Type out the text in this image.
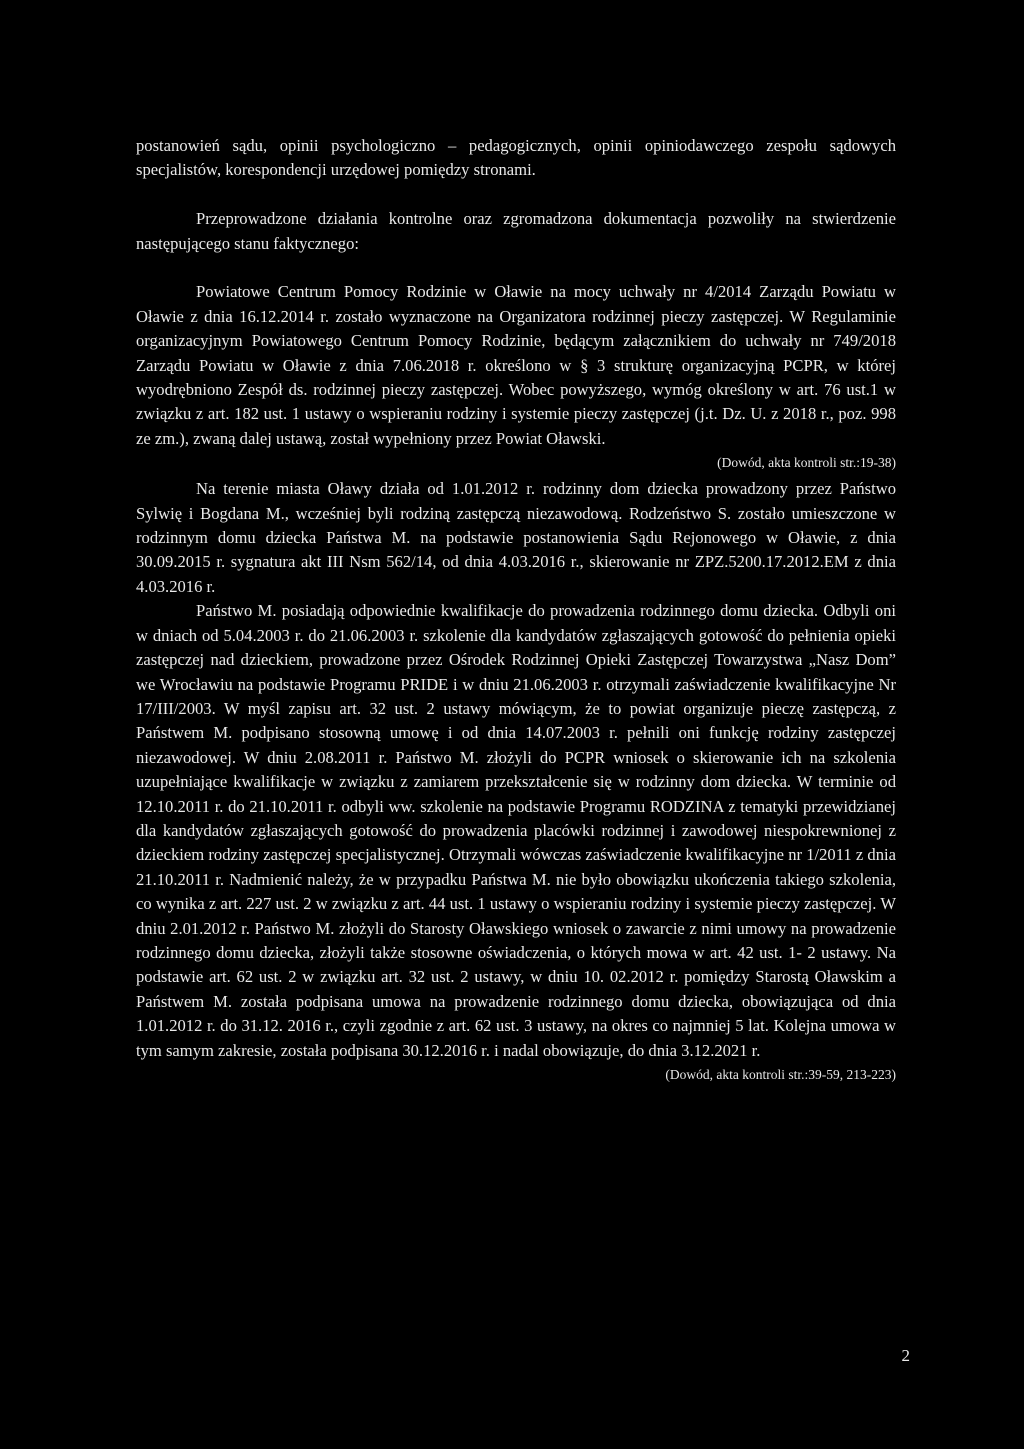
postanowień sądu, opinii psychologiczno – pedagogicznych, opinii opiniodawczego zespołu sądowych specjalistów, korespondencji urzędowej pomiędzy stronami.

Przeprowadzone działania kontrolne oraz zgromadzona dokumentacja pozwoliły na stwierdzenie następującego stanu faktycznego:

Powiatowe Centrum Pomocy Rodzinie w Oławie na mocy uchwały nr 4/2014 Zarządu Powiatu w Oławie z dnia 16.12.2014 r. zostało wyznaczone na Organizatora rodzinnej pieczy zastępczej. W Regulaminie organizacyjnym Powiatowego Centrum Pomocy Rodzinie, będącym załącznikiem do uchwały nr 749/2018 Zarządu Powiatu w Oławie z dnia 7.06.2018 r. określono w § 3 strukturę organizacyjną PCPR, w której wyodrębniono Zespół ds. rodzinnej pieczy zastępczej. Wobec powyższego, wymóg określony w art. 76 ust.1 w związku z art. 182 ust. 1 ustawy o wspieraniu rodziny i systemie pieczy zastępczej (j.t. Dz. U. z 2018 r., poz. 998 ze zm.), zwaną dalej ustawą, został wypełniony przez Powiat Oławski.

(Dowód, akta kontroli str.:19-38)

Na terenie miasta Oławy działa od 1.01.2012 r. rodzinny dom dziecka prowadzony przez Państwo Sylwię i Bogdana M., wcześniej byli rodziną zastępczą niezawodową. Rodzeństwo S. zostało umieszczone w rodzinnym domu dziecka Państwa M. na podstawie postanowienia Sądu Rejonowego w Oławie, z dnia 30.09.2015 r. sygnatura akt III Nsm 562/14, od dnia 4.03.2016 r., skierowanie nr ZPZ.5200.17.2012.EM z dnia 4.03.2016 r.

Państwo M. posiadają odpowiednie kwalifikacje do prowadzenia rodzinnego domu dziecka. Odbyli oni w dniach od 5.04.2003 r. do 21.06.2003 r. szkolenie dla kandydatów zgłaszających gotowość do pełnienia opieki zastępczej nad dzieckiem, prowadzone przez Ośrodek Rodzinnej Opieki Zastępczej Towarzystwa „Nasz Dom” we Wrocławiu na podstawie Programu PRIDE i w dniu 21.06.2003 r. otrzymali zaświadczenie kwalifikacyjne Nr 17/III/2003. W myśl zapisu art. 32 ust. 2 ustawy mówiącym, że to powiat organizuje pieczę zastępczą, z Państwem M. podpisano stosowną umowę i od dnia 14.07.2003 r. pełnili oni funkcję rodziny zastępczej niezawodowej. W dniu 2.08.2011 r. Państwo M. złożyli do PCPR wniosek o skierowanie ich na szkolenia uzupełniające kwalifikacje w związku z zamiarem przekształcenie się w rodzinny dom dziecka. W terminie od 12.10.2011 r. do 21.10.2011 r. odbyli ww. szkolenie na podstawie Programu RODZINA z tematyki przewidzianej dla kandydatów zgłaszających gotowość do prowadzenia placówki rodzinnej i zawodowej niespokrewnionej z dzieckiem rodziny zastępczej specjalistycznej. Otrzymali wówczas zaświadczenie kwalifikacyjne nr 1/2011 z dnia 21.10.2011 r. Nadmienić należy, że w przypadku Państwa M. nie było obowiązku ukończenia takiego szkolenia, co wynika z art. 227 ust. 2 w związku z art. 44 ust. 1 ustawy o wspieraniu rodziny i systemie pieczy zastępczej. W dniu 2.01.2012 r. Państwo M. złożyli do Starosty Oławskiego wniosek o zawarcie z nimi umowy na prowadzenie rodzinnego domu dziecka, złożyli także stosowne oświadczenia, o których mowa w art. 42 ust. 1- 2 ustawy. Na podstawie art. 62 ust. 2 w związku art. 32 ust. 2 ustawy, w dniu 10. 02.2012 r. pomiędzy Starostą Oławskim a Państwem M. została podpisana umowa na prowadzenie rodzinnego domu dziecka, obowiązująca od dnia 1.01.2012 r. do 31.12. 2016 r., czyli zgodnie z art. 62 ust. 3 ustawy, na okres co najmniej 5 lat. Kolejna umowa w tym samym zakresie, została podpisana 30.12.2016 r. i nadal obowiązuje, do dnia 3.12.2021 r.

(Dowód, akta kontroli str.:39-59, 213-223)

2
